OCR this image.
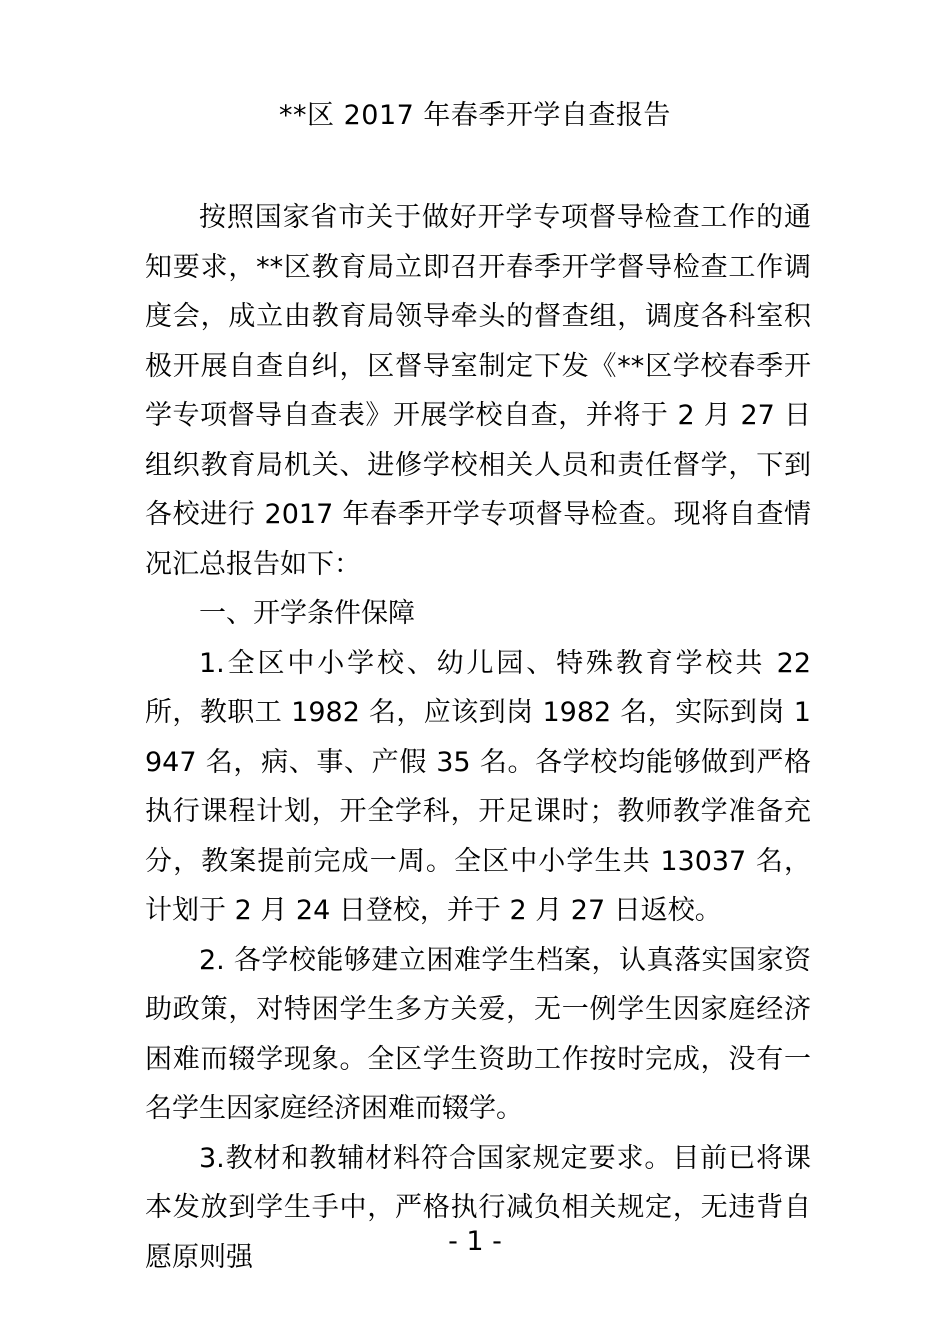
**区 2017 年春季开学自查报告

按照国家省市关于做好开学专项督导检查工作的通知要求，**区教育局立即召开春季开学督导检查工作调度会，成立由教育局领导牵头的督查组，调度各科室积极开展自查自纠，区督导室制定下发《**区学校春季开学专项督导自查表》开展学校自查，并将于 2 月 27 日组织教育局机关、进修学校相关人员和责任督学，下到各校进行 2017 年春季开学专项督导检查。现将自查情况汇总报告如下：

一、开学条件保障

1.全区中小学校、幼儿园、特殊教育学校共 22 所，教职工 1982 名，应该到岗 1982 名，实际到岗 1947 名，病、事、产假 35 名。各学校均能够做到严格执行课程计划，开全学科，开足课时；教师教学准备充分，教案提前完成一周。全区中小学生共 13037 名，计划于 2 月 24 日登校，并于 2 月 27 日返校。

2. 各学校能够建立困难学生档案，认真落实国家资助政策，对特困学生多方关爱，无一例学生因家庭经济困难而辍学现象。全区学生资助工作按时完成，没有一名学生因家庭经济困难而辍学。

3.教材和教辅材料符合国家规定要求。目前已将课本发放到学生手中，严格执行减负相关规定，无违背自愿原则强	- 1 -
